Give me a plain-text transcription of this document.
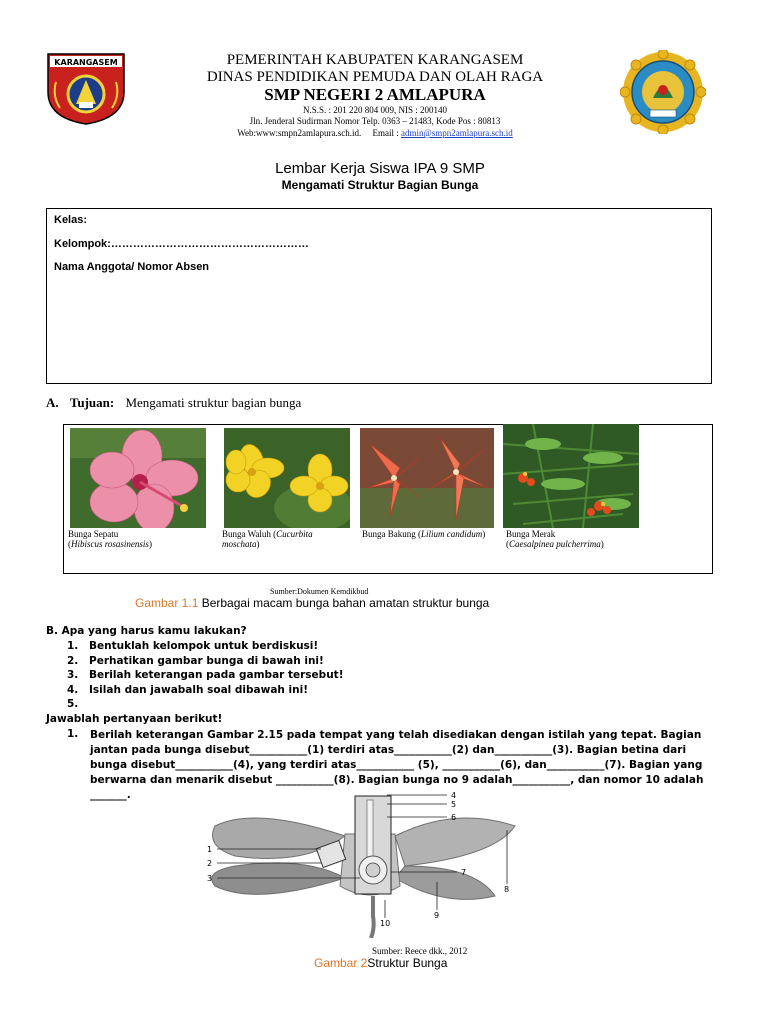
KARANGASEM	PEMERINTAH KABUPATEN KARANGASEM
DINAS PENDIDIKAN PEMUDA DAN OLAH RAGA
SMP NEGERI 2 AMLAPURA
N.S.S. : 201 220 804 009, NIS : 200140
Jln. Jenderal Sudirman Nomor Telp. 0363 – 21483, Kode Pos : 80813
Web:www:smpn2amlapura.sch.id. Email : admin@smpn2amlapura.sch.id
Lembar Kerja Siswa IPA 9 SMP
Mengamati Struktur Bagian Bunga
Kelas:
Kelompok:………………………………………………
Nama Anggota/ Nomor Absen
A. Tujuan: Mengamati struktur bagian bunga
Bunga Sepatu
(Hibiscus rosasinensis)
Bunga Waluh (Cucurbita moschata)
Bunga Bakung (Lilium candidum)	Bunga Merak
(Caesalpinea pulcherrima)
Sumber:Dokumen Kemdikbud
Gambar 1.1 Berbagai macam bunga bahan amatan struktur bunga
B. Apa yang harus kamu lakukan?
1. Bentuklah kelompok untuk berdiskusi!
2. Perhatikan gambar bunga di bawah ini!
3. Berilah keterangan pada gambar tersebut!
4. Isilah dan jawabalh soal dibawah ini!
5.
Jawablah pertanyaan berikut!
1. Berilah keterangan Gambar 2.15 pada tempat yang telah disediakan dengan istilah yang tepat. Bagian jantan pada bunga disebut___________(1) terdiri atas___________(2) dan___________(3). Bagian betina dari bunga disebut___________(4), yang terdiri atas___________ (5), ___________(6), dan___________(7). Bagian yang berwarna dan menarik disebut ___________(8). Bagian bunga no 9 adalah___________, dan nomor 10 adalah _______.
1
2
3
4
5
6
7
8
9
10
Sumber: Reece dkk., 2012
Gambar 2Struktur Bunga
